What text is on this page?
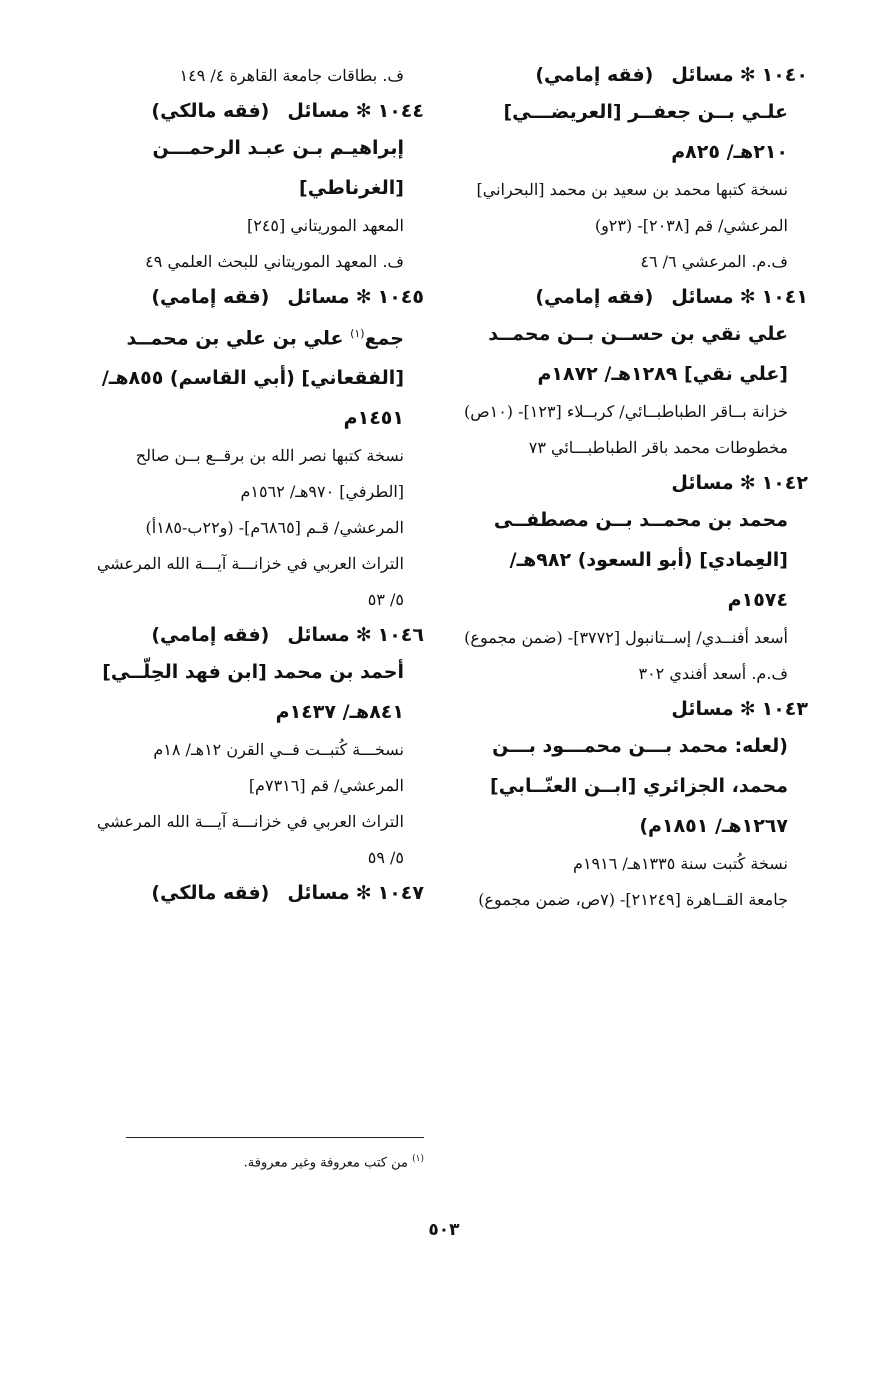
١٠٤٠✻مسائل(فقه إمامي)
علـي بــن جعفــر [العريضـــي] ٢١٠هـ/ ٨٢٥م
نسخة كتبها محمد بن سعيد بن محمد [البحراني]
المرعشي/ قم [٢٠٣٨]- (٢٣و)
ف.م. المرعشي ٦/ ٤٦
١٠٤١✻مسائل(فقه إمامي)
علي نقي بن حســن بــن محمــد [علي نقي] ١٢٨٩هـ/ ١٨٧٢م
خزانة بــاقر الطباطبــائي/ كربــلاء [١٢٣]- (١٠ص)
مخطوطات محمد باقر الطباطبـــائي ٧٣
١٠٤٢✻مسائل
محمد بن محمــد بــن مصطفــى [العِمادي] (أبو السعود) ٩٨٢هـ/ ١٥٧٤م
أسعد أفنــدي/ إســتانبول [٣٧٧٢]- (ضمن مجموع)
ف.م. أسعد أفندي ٣٠٢
١٠٤٣✻مسائل
(لعله: محمد بـــن محمـــود بـــن محمد، الجزائري [ابــن العنّــابي] ١٢٦٧هـ/ ١٨٥١م)
نسخة كُتبت سنة ١٣٣٥هـ/ ١٩١٦م
جامعة القــاهرة [٢١٢٤٩]- (٧ص، ضمن مجموع)
ف. بطاقات جامعة القاهرة ٤/ ١٤٩
١٠٤٤✻مسائل(فقه مالكي)
إبراهيـم بـن عبـد الرحمـــن [الغرناطي]
المعهد الموريتاني [٢٤٥]
ف. المعهد الموريتاني للبحث العلمي ٤٩
١٠٤٥✻مسائل(فقه إمامي)
جمع$^{(١)}$ علي بن علي بن محمــد [الفقعاني] (أبي القاسم) ٨٥٥هـ/ ١٤٥١م
نسخة كتبها نصر الله بن برقــع بــن صالح [الطرفي] ٩٧٠هـ/ ١٥٦٢م
المرعشي/ قـم [٦٨٦٥م]- (و٢٢ب-١٨٥أ)
التراث العربي في خزانـــة آيـــة الله المرعشي ٥/ ٥٣
١٠٤٦✻مسائل(فقه إمامي)
أحمد بن محمد [ابن فهد الحِلّــي] ٨٤١هـ/ ١٤٣٧م
نسخـــة كُتبــت فــي القرن ١٢هـ/ ١٨م
المرعشي/ قم [٧٣١٦م]
التراث العربي في خزانـــة آيـــة الله المرعشي ٥/ ٥٩
١٠٤٧✻مسائل(فقه مالكي)
$^{(١)}$ من كتب معروفة وغير معروفة.
٥٠٣
